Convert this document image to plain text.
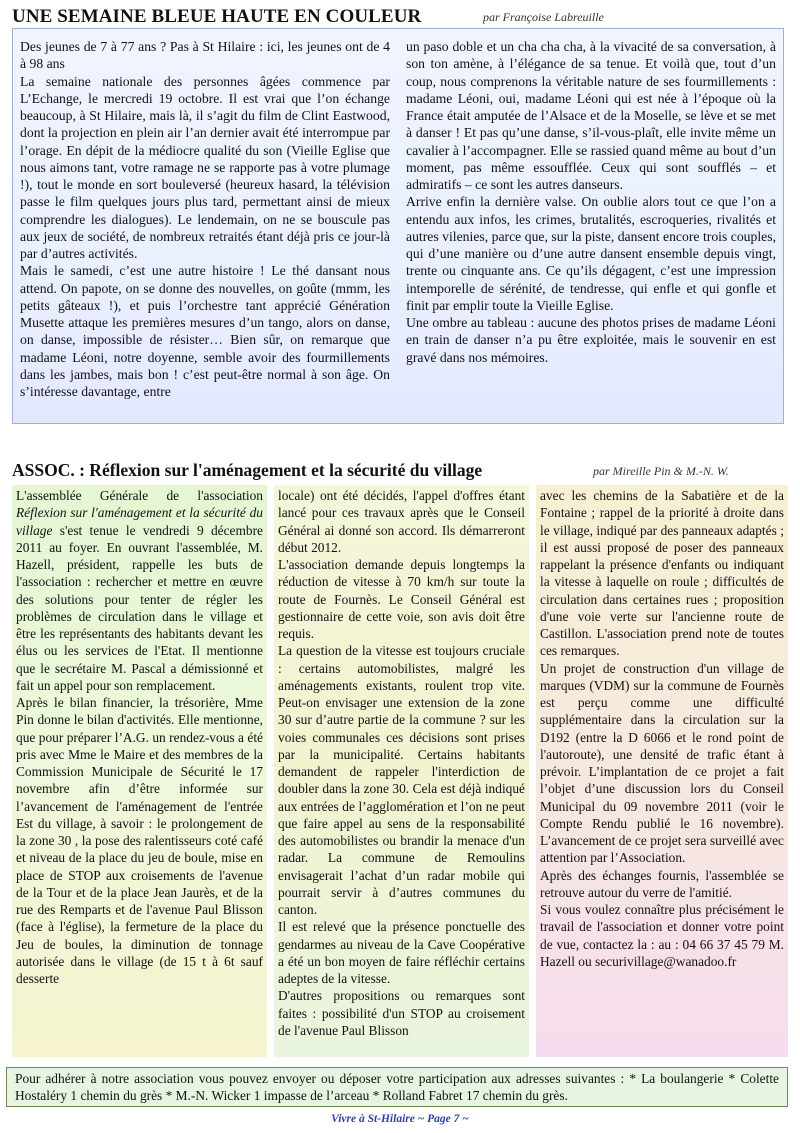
UNE SEMAINE BLEUE HAUTE EN COULEUR	par Françoise Labreuille

Des jeunes de 7 à 77 ans ? Pas à St Hilaire : ici, les jeunes ont de 4 à 98 ans

La semaine nationale des personnes âgées commence par L’Echange, le mercredi 19 octobre. Il est vrai que l’on échange beaucoup, à St Hilaire, mais là, il s’agit du film de Clint Eastwood, dont la projection en plein air l’an dernier avait été interrompue par l’orage. En dépit de la médiocre qualité du son (Vieille Eglise que nous aimons tant, votre ramage ne se rapporte pas à votre plumage !), tout le monde en sort bouleversé (heureux hasard, la télévision passe le film quelques jours plus tard, permettant ainsi de mieux comprendre les dialogues). Le lendemain, on ne se bouscule pas aux jeux de société, de nombreux retraités étant déjà pris ce jour-là par d’autres activités.

Mais le samedi, c’est une autre histoire ! Le thé dansant nous attend. On papote, on se donne des nouvelles, on goûte (mmm, les petits gâteaux !), et puis l’orchestre tant apprécié Génération Musette attaque les premières mesures d’un tango, alors on danse, on danse, impossible de résister… Bien sûr, on remarque que madame Léoni, notre doyenne, semble avoir des fourmillements dans les jambes, mais bon ! c’est peut-être normal à son âge. On s’intéresse davantage, entre

un paso doble et un cha cha cha, à la vivacité de sa conversation, à son ton amène, à l’élégance de sa tenue. Et voilà que, tout d’un coup, nous comprenons la véritable nature de ses fourmillements : madame Léoni, oui, madame Léoni qui est née à l’époque où la France était amputée de l’Alsace et de la Moselle, se lève et se met à danser ! Et pas qu’une danse, s’il-vous-plaît, elle invite même un cavalier à l’accompagner. Elle se rassied quand même au bout d’un moment, pas même essoufflée. Ceux qui sont soufflés – et admiratifs – ce sont les autres danseurs.

Arrive enfin la dernière valse. On oublie alors tout ce que l’on a entendu aux infos, les crimes, brutalités, escroqueries, rivalités et autres vilenies, parce que, sur la piste, dansent encore trois couples, qui d’une manière ou d’une autre dansent ensemble depuis vingt, trente ou cinquante ans. Ce qu’ils dégagent, c’est une impression intemporelle de sérénité, de tendresse, qui enfle et qui gonfle et finit par emplir toute la Vieille Eglise.

Une ombre au tableau : aucune des photos prises de madame Léoni en train de danser n’a pu être exploitée, mais le souvenir en est gravé dans nos mémoires.

ASSOC. : Réflexion sur l'aménagement et la sécurité du village	par Mireille Pin & M.-N. W.

L'assemblée Générale de l'association Réflexion sur l'aménagement et la sécurité du village s'est tenue le vendredi 9 décembre 2011 au foyer. En ouvrant l'assemblée, M. Hazell, président, rappelle les buts de l'association : rechercher et mettre en œuvre des solutions pour tenter de régler les problèmes de circulation dans le village et être les représentants des habitants devant les élus ou les services de l'Etat. Il mentionne que le secrétaire M. Pascal a démissionné et fait un appel pour son remplacement.

Après le bilan financier, la trésorière, Mme Pin donne le bilan d'activités. Elle mentionne, que pour préparer l’A.G. un rendez-vous a été pris avec Mme le Maire et des membres de la Commission Municipale de Sécurité le 17 novembre afin d’être informée sur l’avancement de l'aménagement de l'entrée Est du village, à savoir : le prolongement de la zone 30 , la pose des ralentisseurs coté café et niveau de la place du jeu de boule, mise en place de STOP aux croisements de l'avenue de la Tour et de la place Jean Jaurès, et de la rue des Remparts et de l'avenue Paul Blisson (face à l'église), la fermeture de la place du Jeu de boules, la diminution de tonnage autorisée dans le village (de 15 t à 6t sauf desserte

locale) ont été décidés, l'appel d'offres étant lancé pour ces travaux après que le Conseil Général ai donné son accord. Ils démarreront début 2012.

L'association demande depuis longtemps la réduction de vitesse à 70 km/h sur toute la route de Fournès. Le Conseil Général est gestionnaire de cette voie, son avis doit être requis.

La question de la vitesse est toujours cruciale : certains automobilistes, malgré les aménagements existants, roulent trop vite. Peut-on envisager une extension de la zone 30 sur d’autre partie de la commune ? sur les voies communales ces décisions sont prises par la municipalité. Certains habitants demandent de rappeler l'interdiction de doubler dans la zone 30. Cela est déjà indiqué aux entrées de l’agglomération et l’on ne peut que faire appel au sens de la responsabilité des automobilistes ou brandir la menace d'un radar. La commune de Remoulins envisagerait l’achat d’un radar mobile qui pourrait servir à d’autres communes du canton.

Il est relevé que la présence ponctuelle des gendarmes au niveau de la Cave Coopérative a été un bon moyen de faire réfléchir certains adeptes de la vitesse.

D'autres propositions ou remarques sont faites : possibilité d'un STOP au croisement de l'avenue Paul Blisson

avec les chemins de la Sabatière et de la Fontaine ; rappel de la priorité à droite dans le village, indiqué par des panneaux adaptés ; il est aussi proposé de poser des panneaux rappelant la présence d'enfants ou indiquant la vitesse à laquelle on roule ; difficultés de circulation dans certaines rues ; proposition d'une voie verte sur l'ancienne route de Castillon. L'association prend note de toutes ces remarques.

Un projet de construction d'un village de marques (VDM) sur la commune de Fournès est perçu comme une difficulté supplémentaire dans la circulation sur la D192 (entre la D 6066 et le rond point de l'autoroute), une densité de trafic étant à prévoir. L’implantation de ce projet a fait l’objet d’une discussion lors du Conseil Municipal du 09 novembre 2011 (voir le Compte Rendu publié le 16 novembre). L’avancement de ce projet sera surveillé avec attention par l’Association.

Après des échanges fournis, l'assemblée se retrouve autour du verre de l'amitié.

Si vous voulez connaître plus précisément le travail de l'association et donner votre point de vue, contactez la : au : 04 66 37 45 79 M. Hazell ou securivillage@wanadoo.fr

Pour adhérer à notre association vous pouvez envoyer ou déposer votre participation aux adresses suivantes : * La boulangerie * Colette Hostaléry 1 chemin du grès * M.-N. Wicker 1 impasse de l’arceau * Rolland Fabret 17 chemin du grès.
Vivre à St-Hilaire ~ Page 7 ~
